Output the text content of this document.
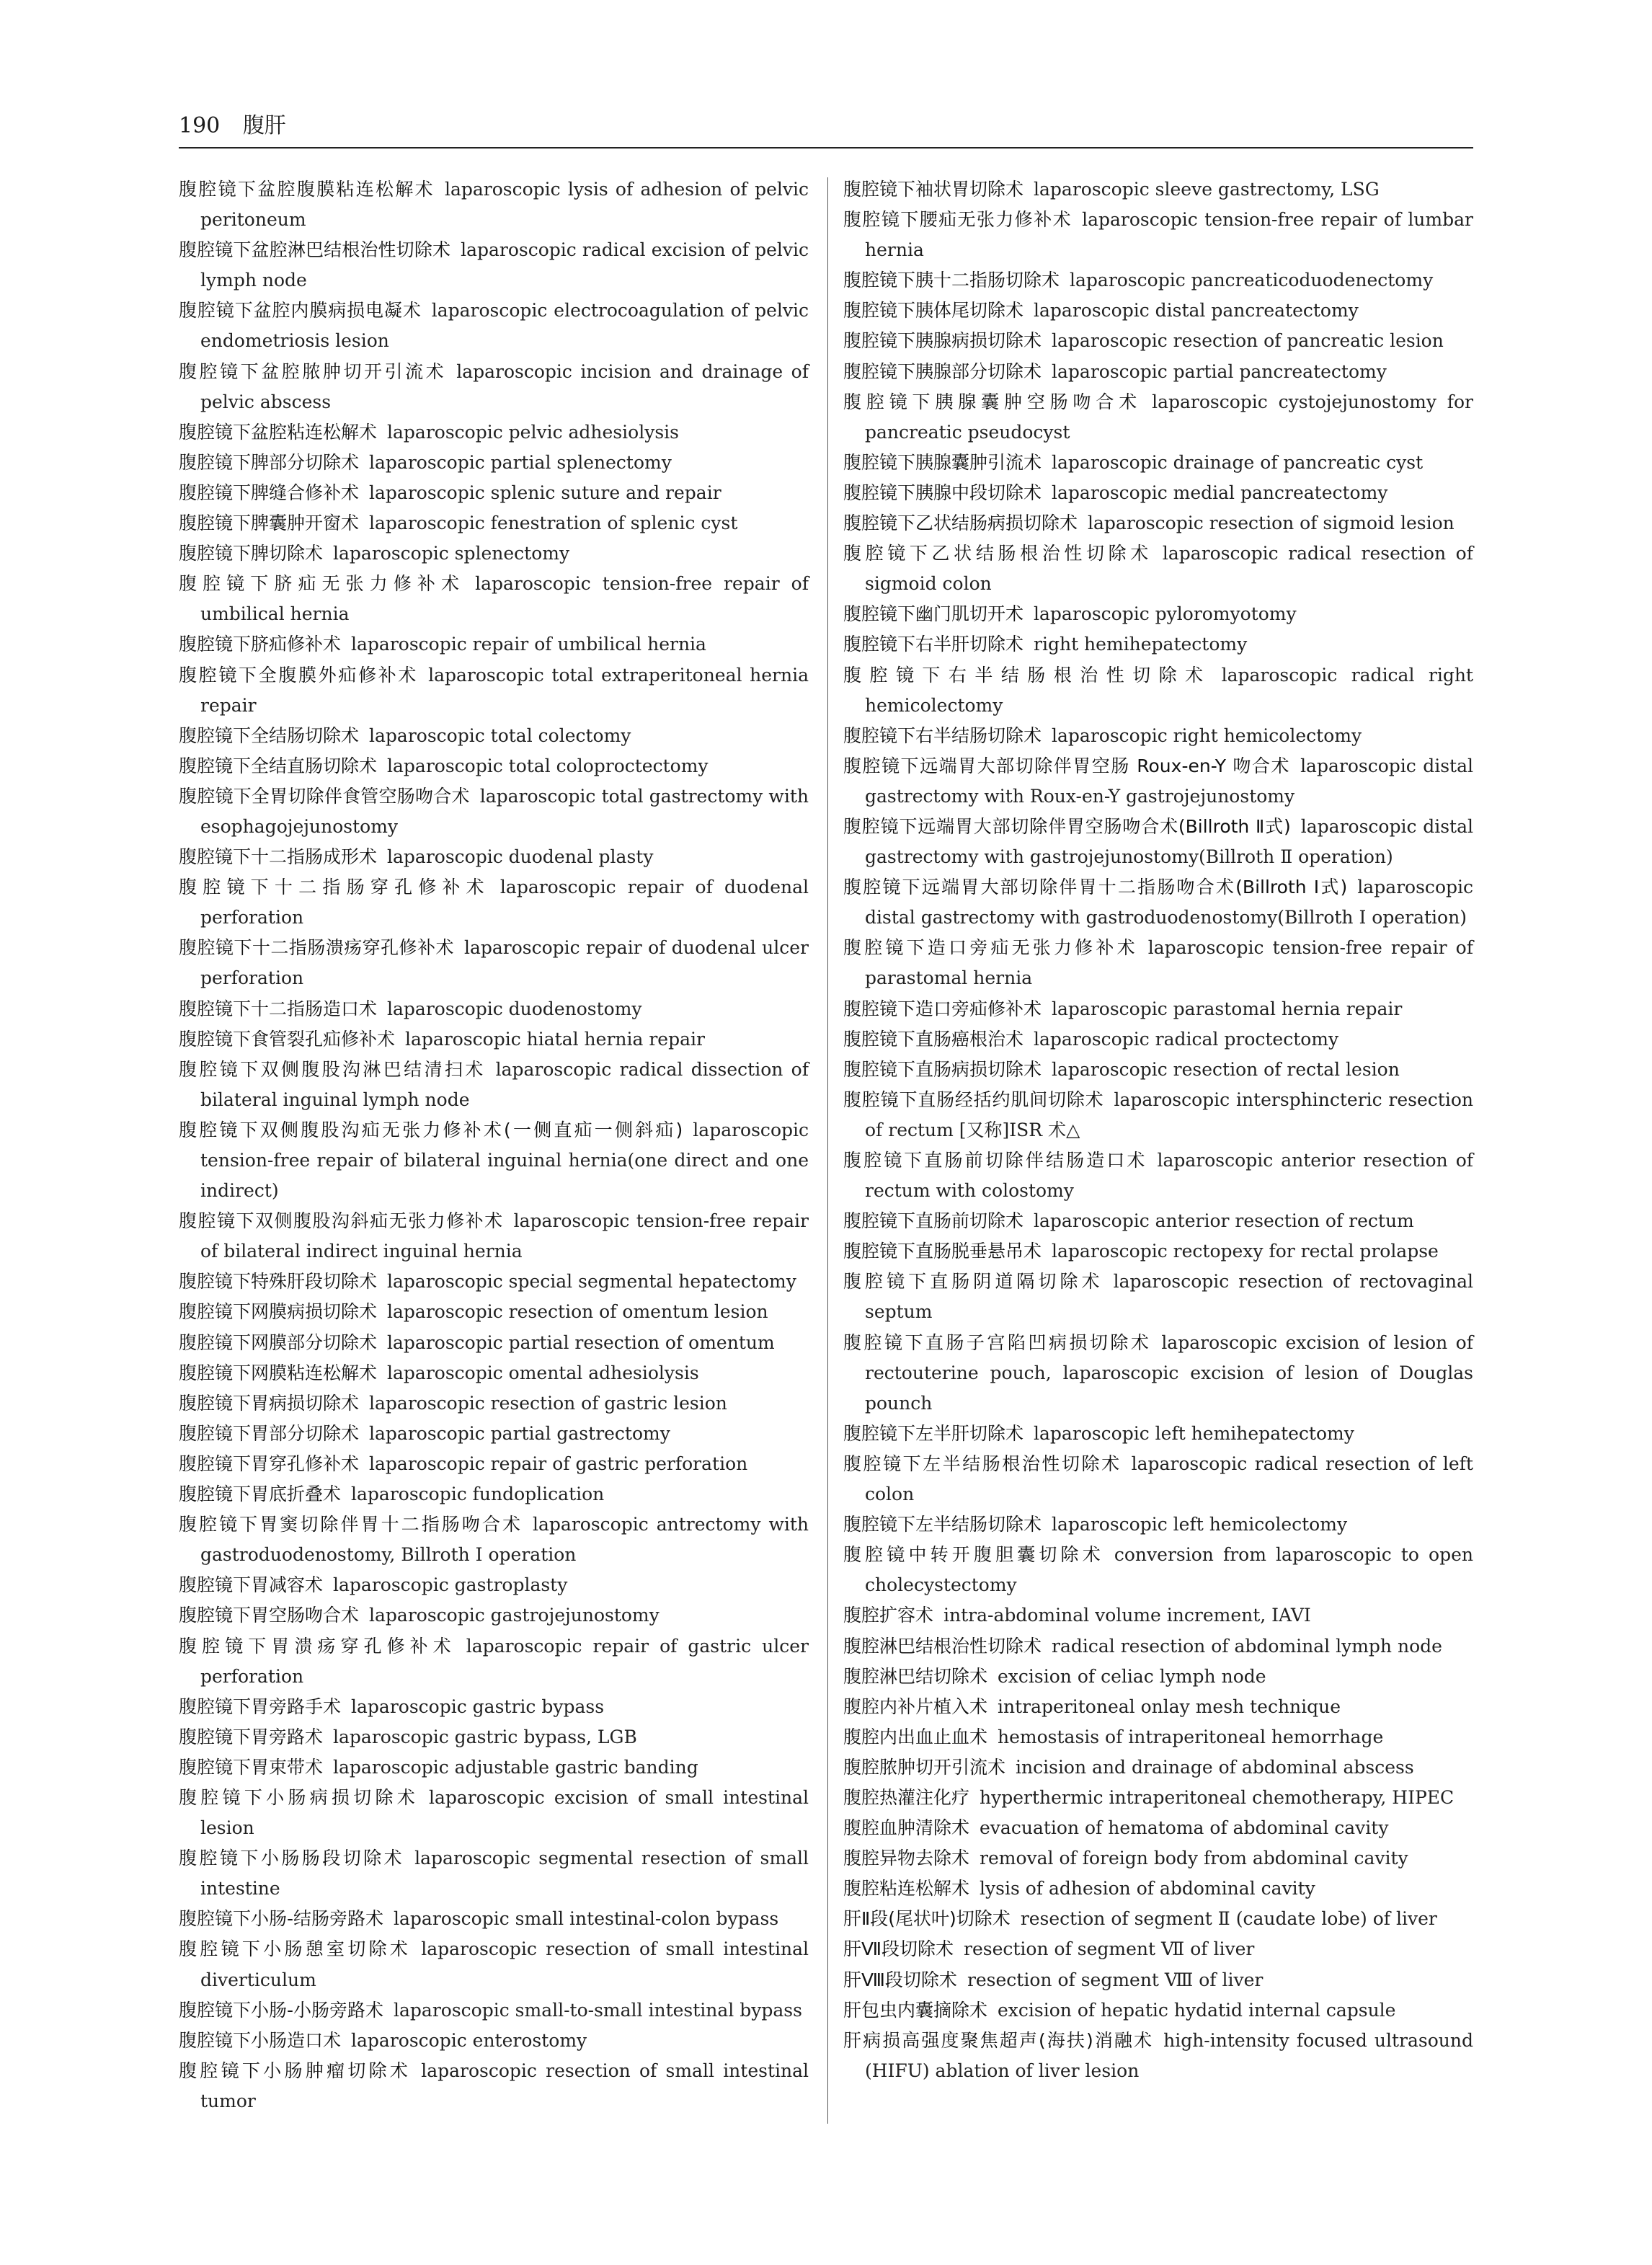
190 腹肝
腹腔镜下盆腔腹膜粘连松解术 laparoscopic lysis of adhesion of pelvic peritoneum
腹腔镜下盆腔淋巴结根治性切除术 laparoscopic radical excision of pelvic lymph node
腹腔镜下盆腔内膜病损电凝术 laparoscopic electrocoagulation of pelvic endometriosis lesion
腹腔镜下盆腔脓肿切开引流术 laparoscopic incision and drainage of pelvic abscess
腹腔镜下盆腔粘连松解术 laparoscopic pelvic adhesiolysis
腹腔镜下脾部分切除术 laparoscopic partial splenectomy
腹腔镜下脾缝合修补术 laparoscopic splenic suture and repair
腹腔镜下脾囊肿开窗术 laparoscopic fenestration of splenic cyst
腹腔镜下脾切除术 laparoscopic splenectomy
腹腔镜下脐疝无张力修补术 laparoscopic tension-free repair of umbilical hernia
腹腔镜下脐疝修补术 laparoscopic repair of umbilical hernia
腹腔镜下全腹膜外疝修补术 laparoscopic total extraperitoneal hernia repair
腹腔镜下全结肠切除术 laparoscopic total colectomy
腹腔镜下全结直肠切除术 laparoscopic total coloproctectomy
腹腔镜下全胃切除伴食管空肠吻合术 laparoscopic total gastrectomy with esophagojejunostomy
腹腔镜下十二指肠成形术 laparoscopic duodenal plasty
腹腔镜下十二指肠穿孔修补术 laparoscopic repair of duodenal perforation
腹腔镜下十二指肠溃疡穿孔修补术 laparoscopic repair of duodenal ulcer perforation
腹腔镜下十二指肠造口术 laparoscopic duodenostomy
腹腔镜下食管裂孔疝修补术 laparoscopic hiatal hernia repair
腹腔镜下双侧腹股沟淋巴结清扫术 laparoscopic radical dissection of bilateral inguinal lymph node
腹腔镜下双侧腹股沟疝无张力修补术(一侧直疝一侧斜疝) laparoscopic tension-free repair of bilateral inguinal hernia(one direct and one indirect)
腹腔镜下双侧腹股沟斜疝无张力修补术 laparoscopic tension-free repair of bilateral indirect inguinal hernia
腹腔镜下特殊肝段切除术 laparoscopic special segmental hepatectomy
腹腔镜下网膜病损切除术 laparoscopic resection of omentum lesion
腹腔镜下网膜部分切除术 laparoscopic partial resection of omentum
腹腔镜下网膜粘连松解术 laparoscopic omental adhesiolysis
腹腔镜下胃病损切除术 laparoscopic resection of gastric lesion
腹腔镜下胃部分切除术 laparoscopic partial gastrectomy
腹腔镜下胃穿孔修补术 laparoscopic repair of gastric perforation
腹腔镜下胃底折叠术 laparoscopic fundoplication
腹腔镜下胃窦切除伴胃十二指肠吻合术 laparoscopic antrectomy with gastroduodenostomy, Billroth Ⅰ operation
腹腔镜下胃减容术 laparoscopic gastroplasty
腹腔镜下胃空肠吻合术 laparoscopic gastrojejunostomy
腹腔镜下胃溃疡穿孔修补术 laparoscopic repair of gastric ulcer perforation
腹腔镜下胃旁路手术 laparoscopic gastric bypass
腹腔镜下胃旁路术 laparoscopic gastric bypass, LGB
腹腔镜下胃束带术 laparoscopic adjustable gastric banding
腹腔镜下小肠病损切除术 laparoscopic excision of small intestinal lesion
腹腔镜下小肠肠段切除术 laparoscopic segmental resection of small intestine
腹腔镜下小肠-结肠旁路术 laparoscopic small intestinal-colon bypass
腹腔镜下小肠憩室切除术 laparoscopic resection of small intestinal diverticulum
腹腔镜下小肠-小肠旁路术 laparoscopic small-to-small intestinal bypass
腹腔镜下小肠造口术 laparoscopic enterostomy
腹腔镜下小肠肿瘤切除术 laparoscopic resection of small intestinal tumor
腹腔镜下袖状胃切除术 laparoscopic sleeve gastrectomy, LSG
腹腔镜下腰疝无张力修补术 laparoscopic tension-free repair of lumbar hernia
腹腔镜下胰十二指肠切除术 laparoscopic pancreaticoduodenectomy
腹腔镜下胰体尾切除术 laparoscopic distal pancreatectomy
腹腔镜下胰腺病损切除术 laparoscopic resection of pancreatic lesion
腹腔镜下胰腺部分切除术 laparoscopic partial pancreatectomy
腹腔镜下胰腺囊肿空肠吻合术 laparoscopic cystojejunostomy for pancreatic pseudocyst
腹腔镜下胰腺囊肿引流术 laparoscopic drainage of pancreatic cyst
腹腔镜下胰腺中段切除术 laparoscopic medial pancreatectomy
腹腔镜下乙状结肠病损切除术 laparoscopic resection of sigmoid lesion
腹腔镜下乙状结肠根治性切除术 laparoscopic radical resection of sigmoid colon
腹腔镜下幽门肌切开术 laparoscopic pyloromyotomy
腹腔镜下右半肝切除术 right hemihepatectomy
腹腔镜下右半结肠根治性切除术 laparoscopic radical right hemicolectomy
腹腔镜下右半结肠切除术 laparoscopic right hemicolectomy
腹腔镜下远端胃大部切除伴胃空肠 Roux-en-Y 吻合术 laparoscopic distal gastrectomy with Roux-en-Y gastrojejunostomy
腹腔镜下远端胃大部切除伴胃空肠吻合术(Billroth Ⅱ式) laparoscopic distal gastrectomy with gastrojejunostomy(Billroth Ⅱ operation)
腹腔镜下远端胃大部切除伴胃十二指肠吻合术(Billroth Ⅰ式) laparoscopic distal gastrectomy with gastroduodenostomy(Billroth Ⅰ operation)
腹腔镜下造口旁疝无张力修补术 laparoscopic tension-free repair of parastomal hernia
腹腔镜下造口旁疝修补术 laparoscopic parastomal hernia repair
腹腔镜下直肠癌根治术 laparoscopic radical proctectomy
腹腔镜下直肠病损切除术 laparoscopic resection of rectal lesion
腹腔镜下直肠经括约肌间切除术 laparoscopic intersphincteric resection of rectum [又称]ISR 术△
腹腔镜下直肠前切除伴结肠造口术 laparoscopic anterior resection of rectum with colostomy
腹腔镜下直肠前切除术 laparoscopic anterior resection of rectum
腹腔镜下直肠脱垂悬吊术 laparoscopic rectopexy for rectal prolapse
腹腔镜下直肠阴道隔切除术 laparoscopic resection of rectovaginal septum
腹腔镜下直肠子宫陷凹病损切除术 laparoscopic excision of lesion of rectouterine pouch, laparoscopic excision of lesion of Douglas pounch
腹腔镜下左半肝切除术 laparoscopic left hemihepatectomy
腹腔镜下左半结肠根治性切除术 laparoscopic radical resection of left colon
腹腔镜下左半结肠切除术 laparoscopic left hemicolectomy
腹腔镜中转开腹胆囊切除术 conversion from laparoscopic to open cholecystectomy
腹腔扩容术 intra-abdominal volume increment, IAVI
腹腔淋巴结根治性切除术 radical resection of abdominal lymph node
腹腔淋巴结切除术 excision of celiac lymph node
腹腔内补片植入术 intraperitoneal onlay mesh technique
腹腔内出血止血术 hemostasis of intraperitoneal hemorrhage
腹腔脓肿切开引流术 incision and drainage of abdominal abscess
腹腔热灌注化疗 hyperthermic intraperitoneal chemotherapy, HIPEC
腹腔血肿清除术 evacuation of hematoma of abdominal cavity
腹腔异物去除术 removal of foreign body from abdominal cavity
腹腔粘连松解术 lysis of adhesion of abdominal cavity
肝Ⅱ段(尾状叶)切除术 resection of segment Ⅱ (caudate lobe) of liver
肝Ⅶ段切除术 resection of segment Ⅶ of liver
肝Ⅷ段切除术 resection of segment Ⅷ of liver
肝包虫内囊摘除术 excision of hepatic hydatid internal capsule
肝病损高强度聚焦超声(海扶)消融术 high-intensity focused ultrasound (HIFU) ablation of liver lesion
